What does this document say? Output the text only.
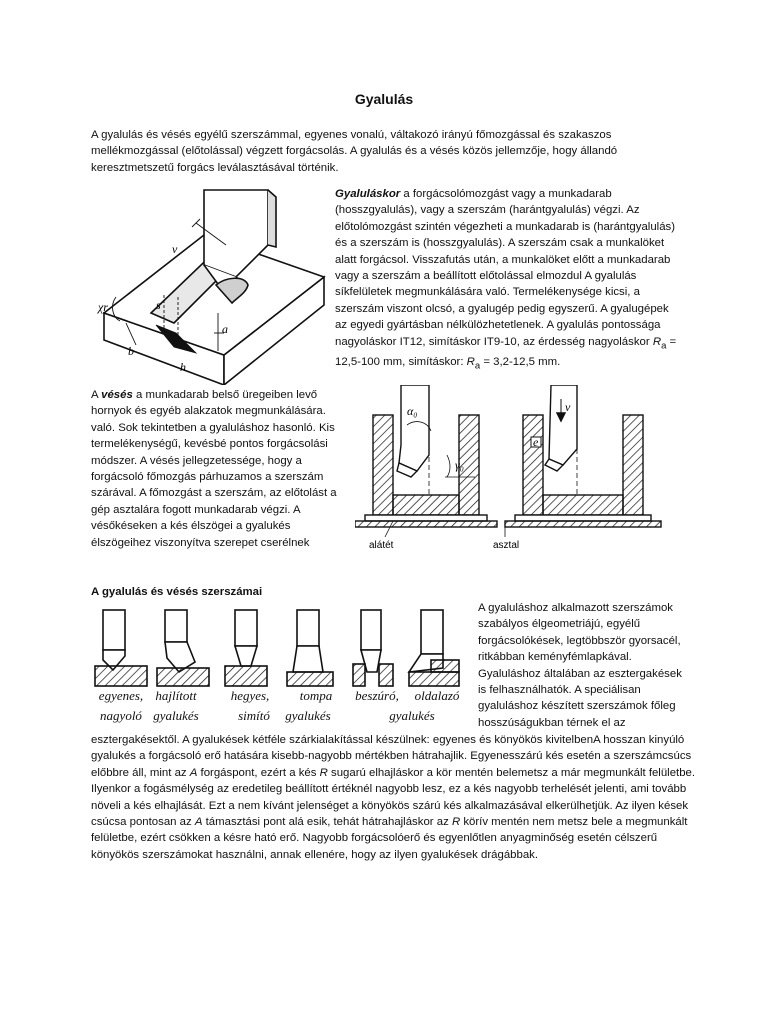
Gyalulás
A gyalulás és vésés egyélű szerszámmal, egyenes vonalú, váltakozó irányú főmozgással és szakaszos mellékmozgással (előtolással) végzett forgácsolás. A gyalulás és a vésés közös jellemzője, hogy állandó keresztmetszetű forgács leválasztásával történik.
v
χr	s
a
b
h
Gyaluláskor a forgácsolómozgást vagy a munkadarab (hosszgyalulás), vagy a szerszám (harántgyalulás) végzi. Az előtolómozgást szintén végezheti a munkadarab is (harántgyalulás) és a szerszám is (hosszgyalulás). A szerszám csak a munkalöket alatt forgácsol. Visszafutás után, a munkalöket előtt a munkadarab vagy a szerszám a beállított előtolással elmozdul A gyalulás síkfelületek megmunkálására való. Termelékenysége kicsi, a szerszám viszont olcsó, a gyalugép pedig egyszerű. A gyalugépek az egyedi gyártásban nélkülözhetetlenek. A gyalulás pontossága nagyoláskor IT12, simításkor IT9-10, az érdesség nagyoláskor $R_a = 12,5-100$ mm, simításkor: $R_a = 3,2-12,5$ mm.
A vésés a munkadarab belső üregeiben levő hornyok és egyéb alakzatok megmunkálására. való. Sok tekintetben a gyaluláshoz hasonló. Kis termelékenységű, kevésbé pontos forgácsolási módszer. A vésés jellegzetessége, hogy a forgácsoló főmozgás párhuzamos a szerszám szárával. A főmozgást a szerszám, az előtolást a gép asztalára fogott munkadarab végzi. A vésőkéseken a kés élszögei a gyalukés élszögeihez viszonyítva szerepet cserélnek
α₀
γ₀
v
e
alátét	asztal
A gyalulás és vésés szerszámai
egyenes, hajlított	hegyes,	tompa	beszúró,	oldalazó
nagyoló gyalukés	simító	gyalukés	gyalukés
A gyaluláshoz alkalmazott szerszámok szabályos élgeometriájú, egyélű forgácsolókések, legtöbbször gyorsacél, ritkábban keményfémlapkával. Gyaluláshoz általában az esztergakések is felhasználhatók. A speciálisan gyaluláshoz készített szerszámok főleg hosszúságukban térnek el az
esztergakésektől. A gyalukések kétféle szárkialakítással készülnek: egyenes és könyökös kivitelbenA hosszan kinyúló gyalukés a forgácsoló erő hatására kisebb-nagyobb mértékben hátrahajlik. Egyenesszárú kés esetén a szerszámcsúcs előbbre áll, mint az A forgáspont, ezért a kés R sugarú elhajláskor a kör mentén belemetsz a már megmunkált felületbe. Ilyenkor a fogásmélység az eredetileg beállított értéknél nagyobb lesz, ez a kés nagyobb terhelését jelenti, ami tovább növeli a kés elhajlását. Ezt a nem kívánt jelenséget a könyökös szárú kés alkalmazásával elkerülhetjük. Az ilyen kések csúcsa pontosan az A támasztási pont alá esik, tehát hátrahajláskor az R körív mentén nem metsz bele a megmunkált felületbe, ezért csökken a késre ható erő. Nagyobb forgácsolóerő és egyenlőtlen anyagminőség esetén célszerű könyökös szerszámokat használni, annak ellenére, hogy az ilyen gyalukések drágábbak.
